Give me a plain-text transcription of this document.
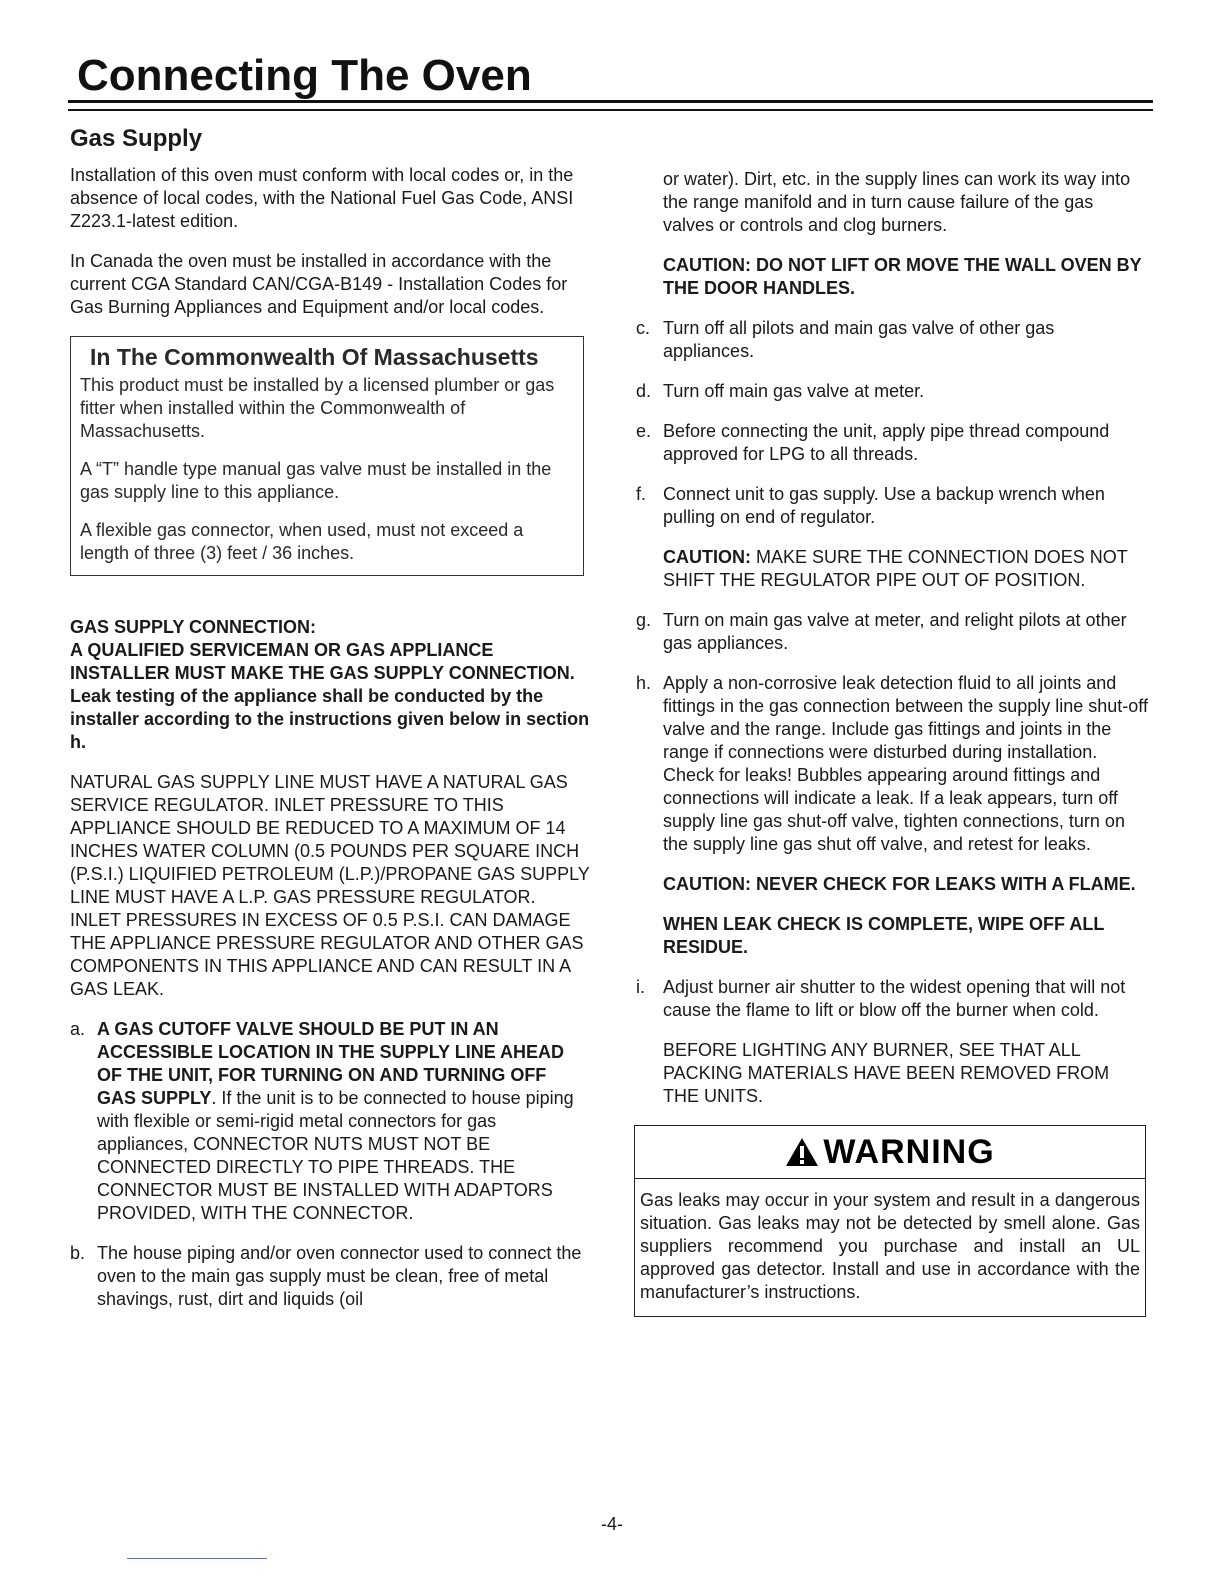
Connecting The Oven
Gas Supply

Installation of this oven must conform with local codes or, in the absence of local codes, with the National Fuel Gas Code, ANSI Z223.1-latest edition.

In Canada the oven must be installed in accordance with the current CGA Standard CAN/CGA-B149 - Installation Codes for Gas Burning Appliances and Equipment and/or local codes.

In The Commonwealth Of Massachusetts

This product must be installed by a licensed plumber or gas fitter when installed within the Commonwealth of Massachusetts.

A “T” handle type manual gas valve must be installed in the gas supply line to this appliance.

A flexible gas connector, when used, must not exceed a length of three (3) feet / 36 inches.

GAS SUPPLY CONNECTION:

A QUALIFIED SERVICEMAN OR GAS APPLIANCE INSTALLER MUST MAKE THE GAS SUPPLY CONNECTION. Leak testing of the appliance shall be conducted by the installer according to the instructions given below in section h.

NATURAL GAS SUPPLY LINE MUST HAVE A NATURAL GAS SERVICE REGULATOR. INLET PRESSURE TO THIS APPLIANCE SHOULD BE REDUCED TO A MAXIMUM OF 14 INCHES WATER COLUMN (0.5 POUNDS PER SQUARE INCH (P.S.I.) LIQUIFIED PETROLEUM (L.P.)/PROPANE GAS SUPPLY LINE MUST HAVE A L.P. GAS PRESSURE REGULATOR. INLET PRESSURES IN EXCESS OF 0.5 P.S.I. CAN DAMAGE THE APPLIANCE PRESSURE REGULATOR AND OTHER GAS COMPONENTS IN THIS APPLIANCE AND CAN RESULT IN A GAS LEAK.

a. A GAS CUTOFF VALVE SHOULD BE PUT IN AN ACCESSIBLE LOCATION IN THE SUPPLY LINE AHEAD OF THE UNIT, FOR TURNING ON AND TURNING OFF GAS SUPPLY. If the unit is to be connected to house piping with flexible or semi-rigid metal connectors for gas appliances, CONNECTOR NUTS MUST NOT BE CONNECTED DIRECTLY TO PIPE THREADS. THE CONNECTOR MUST BE INSTALLED WITH ADAPTORS PROVIDED, WITH THE CONNECTOR.
b. The house piping and/or oven connector used to connect the oven to the main gas supply must be clean, free of metal shavings, rust, dirt and liquids (oil

or water). Dirt, etc. in the supply lines can work its way into the range manifold and in turn cause failure of the gas valves or controls and clog burners.

CAUTION: DO NOT LIFT OR MOVE THE WALL OVEN BY THE DOOR HANDLES.

c. Turn off all pilots and main gas valve of other gas appliances.
d. Turn off main gas valve at meter.
e. Before connecting the unit, apply pipe thread compound approved for LPG to all threads.
f. Connect unit to gas supply. Use a backup wrench when pulling on end of regulator.

CAUTION: MAKE SURE THE CONNECTION DOES NOT SHIFT THE REGULATOR PIPE OUT OF POSITION.

g. Turn on main gas valve at meter, and relight pilots at other gas appliances.
h. Apply a non-corrosive leak detection fluid to all joints and fittings in the gas connection between the supply line shut-off valve and the range. Include gas fittings and joints in the range if connections were disturbed during installation. Check for leaks! Bubbles appearing around fittings and connections will indicate a leak. If a leak appears, turn off supply line gas shut-off valve, tighten connections, turn on the supply line gas shut off valve, and retest for leaks.

CAUTION: NEVER CHECK FOR LEAKS WITH A FLAME.

WHEN LEAK CHECK IS COMPLETE, WIPE OFF ALL RESIDUE.

i.	Adjust burner air shutter to the widest opening that will not cause the flame to lift or blow off the burner when cold.

BEFORE LIGHTING ANY BURNER, SEE THAT ALL PACKING MATERIALS HAVE BEEN REMOVED FROM THE UNITS.

WARNING
Gas leaks may occur in your system and result in a dangerous situation. Gas leaks may not be detected by smell alone. Gas suppliers recommend you purchase and install an UL approved gas detector. Install and use in accordance with the manufacturer’s instructions.
-4-
